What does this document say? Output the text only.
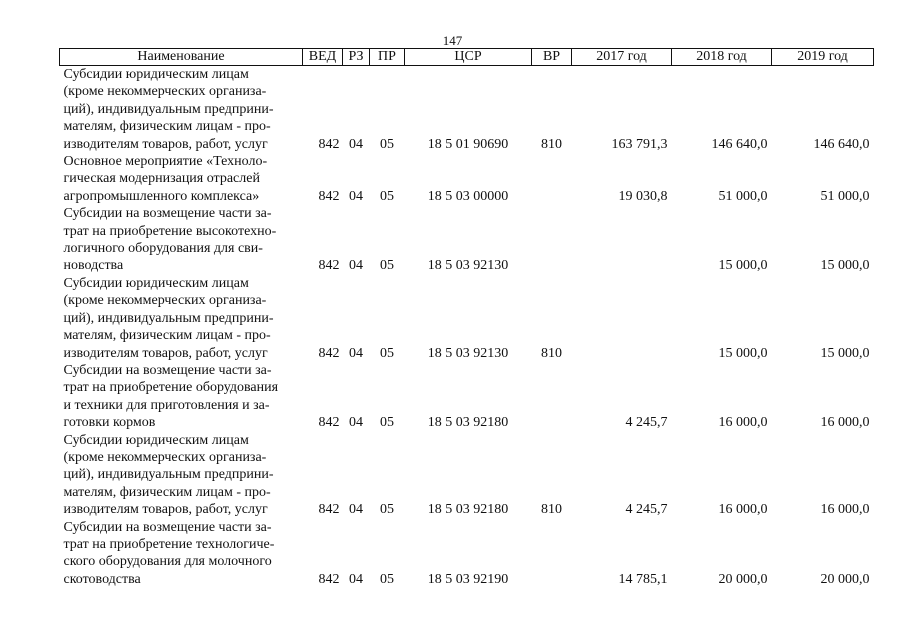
147
Наименование	ВЕД	РЗ	ПР	ЦСР	ВР	2017 год	2018 год	2019 год
Субсидии юридическим лицам
(кроме некоммерческих организа-
ций), индивидуальным предприни-
мателям, физическим лицам - про-
изводителям товаров, работ, услуг	842	04	05	18 5 01 90690	810	163 791,3	146 640,0	146 640,0
Основное мероприятие «Техноло-
гическая модернизация отраслей
агропромышленного комплекса»	842	04	05	18 5 03 00000		19 030,8	51 000,0	51 000,0
Субсидии на возмещение части за-
трат на приобретение высокотехно-
логичного оборудования для сви-
новодства	842	04	05	18 5 03 92130			15 000,0	15 000,0
Субсидии юридическим лицам
(кроме некоммерческих организа-
ций), индивидуальным предприни-
мателям, физическим лицам - про-
изводителям товаров, работ, услуг	842	04	05	18 5 03 92130	810		15 000,0	15 000,0
Субсидии на возмещение части за-
трат на приобретение оборудования
и техники для приготовления и за-
готовки кормов	842	04	05	18 5 03 92180		4 245,7	16 000,0	16 000,0
Субсидии юридическим лицам
(кроме некоммерческих организа-
ций), индивидуальным предприни-
мателям, физическим лицам - про-
изводителям товаров, работ, услуг	842	04	05	18 5 03 92180	810	4 245,7	16 000,0	16 000,0
Субсидии на возмещение части за-
трат на приобретение технологиче-
ского оборудования для молочного
скотоводства	842	04	05	18 5 03 92190		14 785,1	20 000,0	20 000,0
